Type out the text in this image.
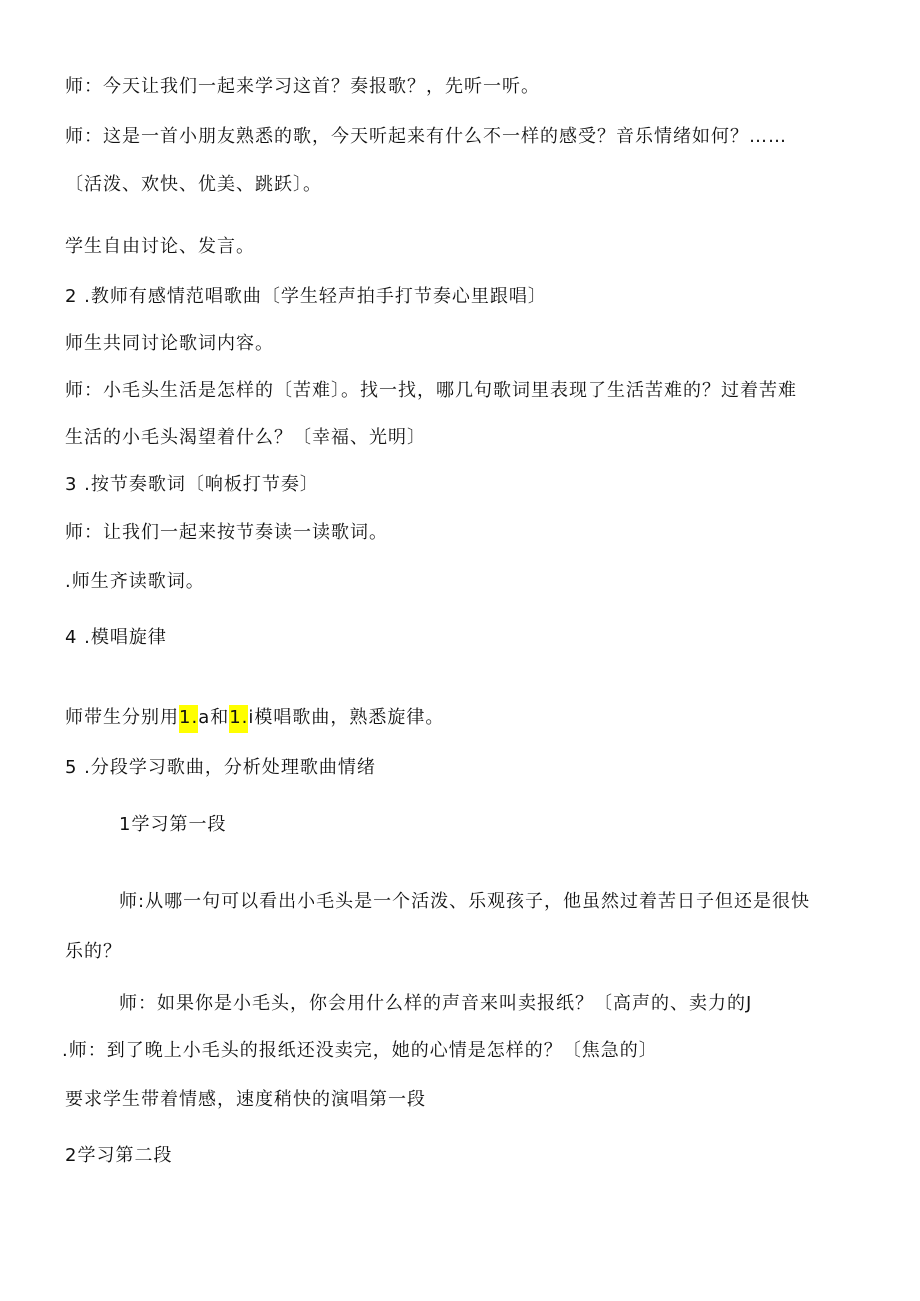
师：今天让我们一起来学习这首？奏报歌？，先听一听。
师：这是一首小朋友熟悉的歌，今天听起来有什么不一样的感受？音乐情绪如何？……
〔活泼、欢快、优美、跳跃〕。
学生自由讨论、发言。
2 .教师有感情范唱歌曲〔学生轻声拍手打节奏心里跟唱〕
师生共同讨论歌词内容。
师：小毛头生活是怎样的〔苦难〕。找一找，哪几句歌词里表现了生活苦难的？过着苦难
生活的小毛头渴望着什么？〔幸福、光明〕
3 .按节奏歌词〔响板打节奏〕
师：让我们一起来按节奏读一读歌词。
.师生齐读歌词。
4 .模唱旋律
师带生分别用1.a和1.i模唱歌曲，熟悉旋律。
5 .分段学习歌曲，分析处理歌曲情绪
1学习第一段
师:从哪一句可以看出小毛头是一个活泼、乐观孩子，他虽然过着苦日子但还是很快
乐的？
师：如果你是小毛头，你会用什么样的声音来叫卖报纸？〔高声的、卖力的J
.师：到了晚上小毛头的报纸还没卖完，她的心情是怎样的？〔焦急的〕
要求学生带着情感，速度稍快的演唱第一段
2学习第二段
